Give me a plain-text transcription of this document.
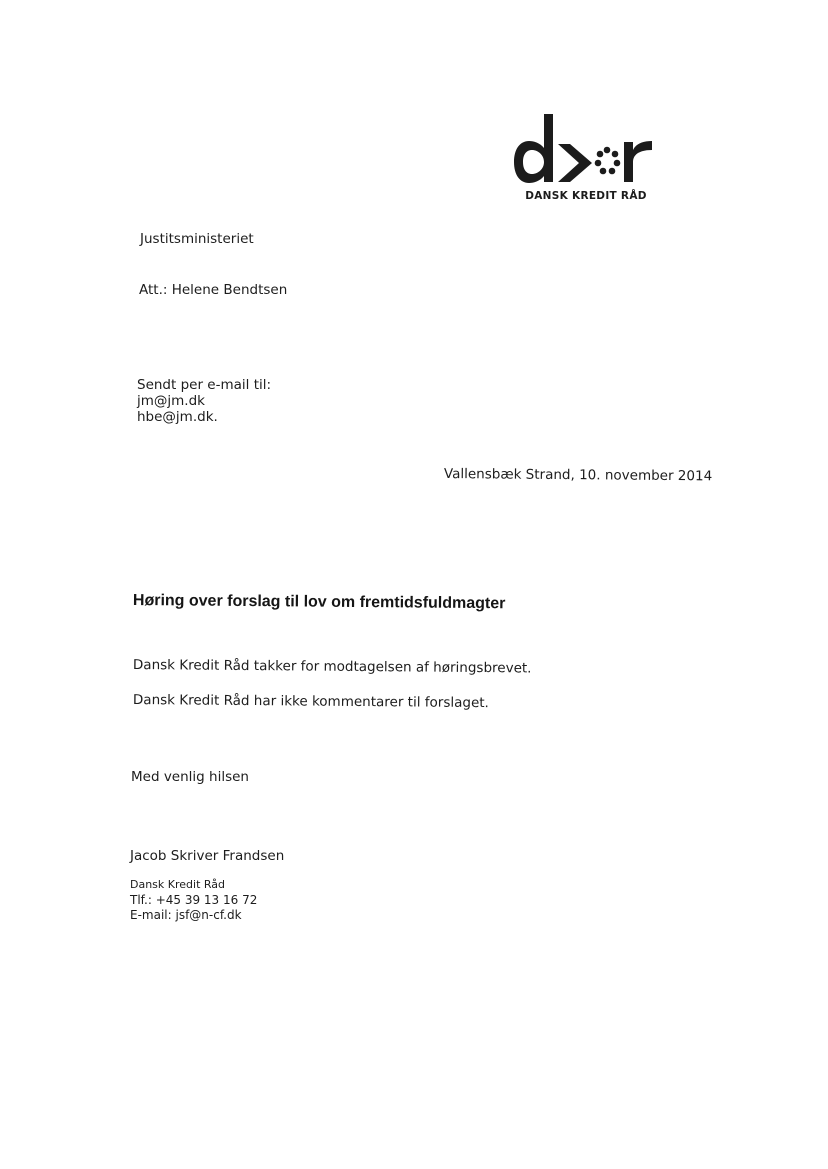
DANSK KREDIT RÅD
Justitsministeriet
Att.: Helene Bendtsen
Sendt per e-mail til:
jm@jm.dk
hbe@jm.dk.
Vallensbæk Strand, 10. november 2014
Høring over forslag til lov om fremtidsfuldmagter
Dansk Kredit Råd takker for modtagelsen af høringsbrevet.
Dansk Kredit Råd har ikke kommentarer til forslaget.
Med venlig hilsen
Jacob Skriver Frandsen
Dansk Kredit Råd
Tlf.: +45 39 13 16 72
E-mail: jsf@n-cf.dk
